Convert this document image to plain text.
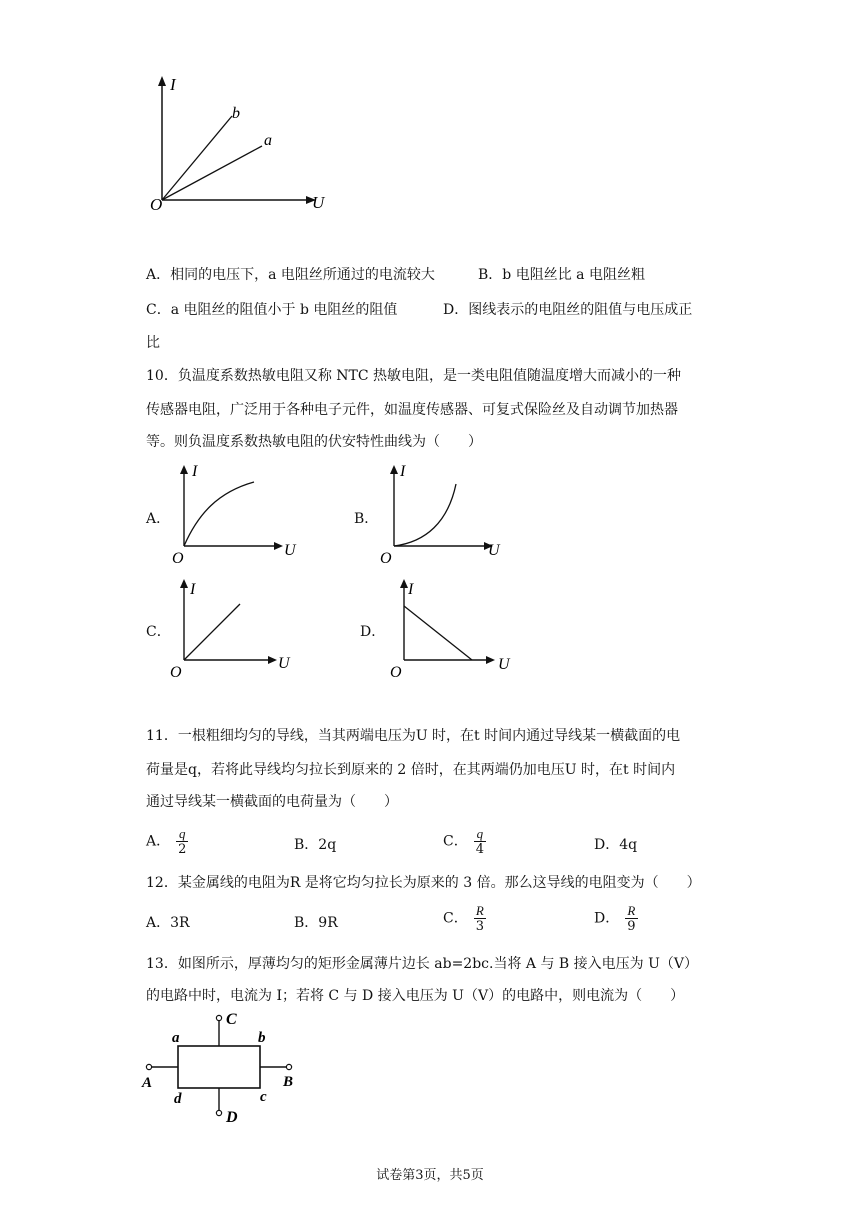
I
U
O
b
a
A．相同的电压下，a 电阻丝所通过的电流较大	B．b 电阻丝比 a 电阻丝粗
C．a 电阻丝的阻值小于 b 电阻丝的阻值	D．图线表示的电阻丝的阻值与电压成正
比
10．负温度系数热敏电阻又称 NTC 热敏电阻，是一类电阻值随温度增大而减小的一种
传感器电阻，广泛用于各种电子元件，如温度传感器、可复式保险丝及自动调节加热器
等。则负温度系数热敏电阻的伏安特性曲线为（　　）
A．	B．
C．	D．
I
U
O
I
U
O
I
U
O
I
U
O
11．一根粗细均匀的导线，当其两端电压为U 时，在t 时间内通过导线某一横截面的电
荷量是q，若将此导线均匀拉长到原来的 2 倍时，在其两端仍加电压U 时，在t 时间内
通过导线某一横截面的电荷量为（　　）
A． $\frac{q}{2}$	B．2q	C． $\frac{q}{4}$	D．4q
12．某金属线的电阻为R 是将它均匀拉长为原来的 3 倍。那么这导线的电阻变为（　　）
A．3R	B．9R	C． $\frac{R}{3}$	D． $\frac{R}{9}$
13．如图所示，厚薄均匀的矩形金属薄片边长 ab=2bc.当将 A 与 B 接入电压为 U（V）
的电路中时，电流为 I；若将 C 与 D 接入电压为 U（V）的电路中，则电流为（　　）
a	b
c
d
A	B
C
D
试卷第3页，共5页
